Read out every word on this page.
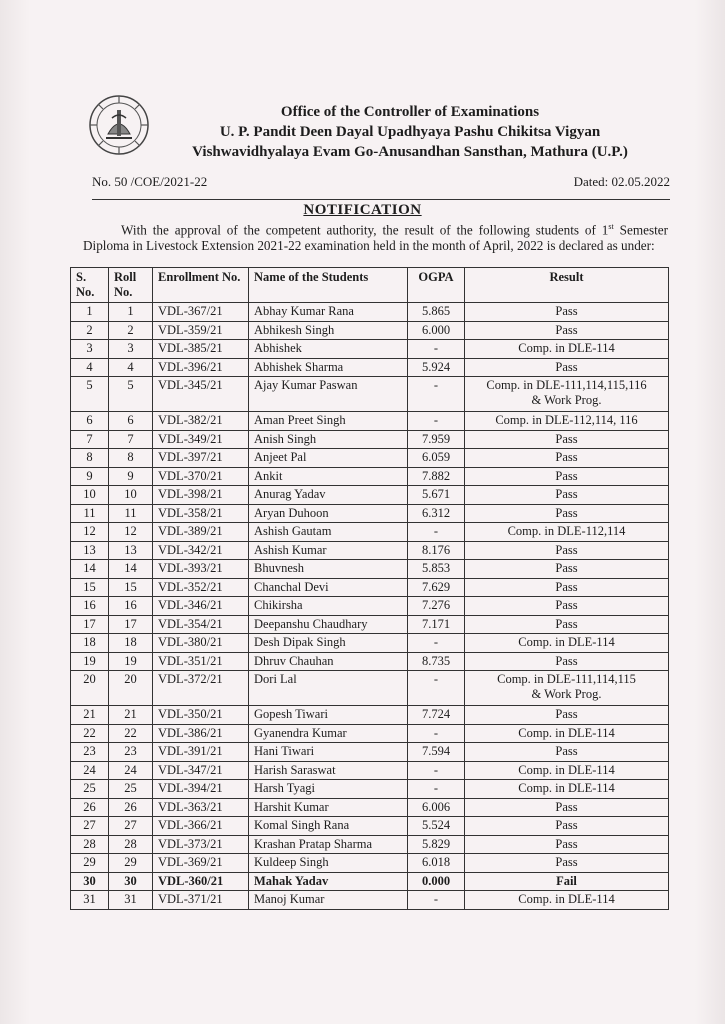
Office of the Controller of Examinations
U. P. Pandit Deen Dayal Upadhyaya Pashu Chikitsa Vigyan
Vishwavidhyalaya Evam Go-Anusandhan Sansthan, Mathura (U.P.)
No. 50 /COE/2021-22	Dated: 02.05.2022
NOTIFICATION
With the approval of the competent authority, the result of the following students of 1st Semester Diploma in Livestock Extension 2021-22 examination held in the month of April, 2022 is declared as under:
S. No.	Roll No.	Enrollment No.	Name of the Students	OGPA	Result
1	1	VDL-367/21	Abhay Kumar Rana	5.865	Pass

2	2	VDL-359/21	Abhikesh Singh	6.000	Pass

3	3	VDL-385/21	Abhishek	-	Comp. in DLE-114

4	4	VDL-396/21	Abhishek Sharma	5.924	Pass

5	5	VDL-345/21	Ajay Kumar Paswan	-	Comp. in DLE-111,114,115,116
& Work Prog.

6	6	VDL-382/21	Aman Preet Singh	-	Comp. in DLE-112,114, 116

7	7	VDL-349/21	Anish Singh	7.959	Pass

8	8	VDL-397/21	Anjeet Pal	6.059	Pass

9	9	VDL-370/21	Ankit	7.882	Pass

10	10	VDL-398/21	Anurag Yadav	5.671	Pass

11	11	VDL-358/21	Aryan Duhoon	6.312	Pass

12	12	VDL-389/21	Ashish Gautam	-	Comp. in DLE-112,114

13	13	VDL-342/21	Ashish Kumar	8.176	Pass

14	14	VDL-393/21	Bhuvnesh	5.853	Pass

15	15	VDL-352/21	Chanchal Devi	7.629	Pass

16	16	VDL-346/21	Chikirsha	7.276	Pass

17	17	VDL-354/21	Deepanshu Chaudhary	7.171	Pass

18	18	VDL-380/21	Desh Dipak Singh	-	Comp. in DLE-114

19	19	VDL-351/21	Dhruv Chauhan	8.735	Pass

20	20	VDL-372/21	Dori Lal	-	Comp. in DLE-111,114,115
& Work Prog.

21	21	VDL-350/21	Gopesh Tiwari	7.724	Pass

22	22	VDL-386/21	Gyanendra Kumar	-	Comp. in DLE-114

23	23	VDL-391/21	Hani Tiwari	7.594	Pass

24	24	VDL-347/21	Harish Saraswat	-	Comp. in DLE-114

25	25	VDL-394/21	Harsh Tyagi	-	Comp. in DLE-114

26	26	VDL-363/21	Harshit Kumar	6.006	Pass

27	27	VDL-366/21	Komal Singh Rana	5.524	Pass

28	28	VDL-373/21	Krashan Pratap Sharma	5.829	Pass

29	29	VDL-369/21	Kuldeep Singh	6.018	Pass

30	30	VDL-360/21	Mahak Yadav	0.000	Fail

31	31	VDL-371/21	Manoj Kumar	-	Comp. in DLE-114
